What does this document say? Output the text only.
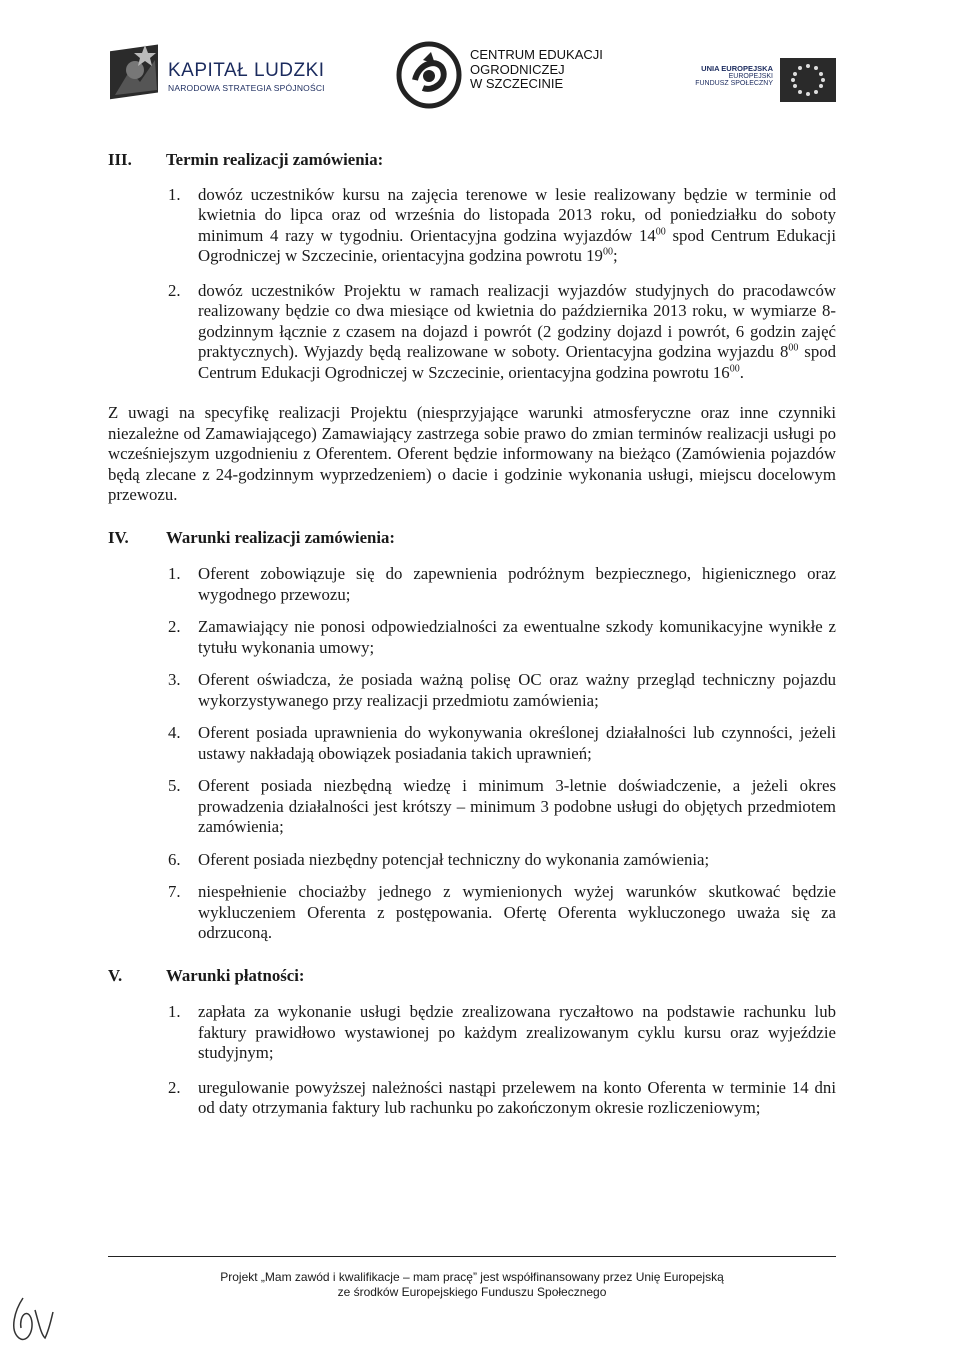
KAPITAŁ LUDZKI
NARODOWA STRATEGIA SPÓJNOŚCI
CENTRUM EDUKACJI
OGRODNICZEJ
W SZCZECINIE
UNIA EUROPEJSKA
EUROPEJSKI
FUNDUSZ SPOŁECZNY
III.	Termin realizacji zamówienia:
1.	dowóz uczestników kursu na zajęcia terenowe w lesie realizowany będzie w terminie od kwietnia do lipca oraz od września do listopada 2013 roku, od poniedziałku do soboty minimum 4 razy w tygodniu. Orientacyjna godzina wyjazdów $14^{00}$ spod Centrum Edukacji Ogrodniczej w Szczecinie, orientacyjna godzina powrotu $19^{00}$;
2.	dowóz uczestników Projektu w ramach realizacji wyjazdów studyjnych do pracodawców realizowany będzie co dwa miesiące od kwietnia do października 2013 roku, w wymiarze 8-godzinnym łącznie z czasem na dojazd i powrót (2 godziny dojazd i powrót, 6 godzin zajęć praktycznych). Wyjazdy będą realizowane w soboty. Orientacyjna godzina wyjazdu $8^{00}$ spod Centrum Edukacji Ogrodniczej w Szczecinie, orientacyjna godzina powrotu $16^{00}$.
Z uwagi na specyfikę realizacji Projektu (niesprzyjające warunki atmosferyczne oraz inne czynniki niezależne od Zamawiającego) Zamawiający zastrzega sobie prawo do zmian terminów realizacji usługi po wcześniejszym uzgodnieniu z Oferentem. Oferent będzie informowany na bieżąco (Zamówienia pojazdów będą zlecane z 24-godzinnym wyprzedzeniem) o dacie i godzinie wykonania usługi, miejscu docelowym przewozu.
IV.	Warunki realizacji zamówienia:
1.	Oferent zobowiązuje się do zapewnienia podróżnym bezpiecznego, higienicznego oraz wygodnego przewozu;
2.	Zamawiający nie ponosi odpowiedzialności za ewentualne szkody komunikacyjne wynikłe z tytułu wykonania umowy;
3.	Oferent oświadcza, że posiada ważną polisę OC oraz ważny przegląd techniczny pojazdu wykorzystywanego przy realizacji przedmiotu zamówienia;
4.	Oferent posiada uprawnienia do wykonywania określonej działalności lub czynności, jeżeli ustawy nakładają obowiązek posiadania takich uprawnień;
5.	Oferent posiada niezbędną wiedzę i minimum 3-letnie doświadczenie, a jeżeli okres prowadzenia działalności jest krótszy – minimum 3 podobne usługi do objętych przedmiotem zamówienia;
6.	Oferent posiada niezbędny potencjał techniczny do wykonania zamówienia;
7.	niespełnienie chociażby jednego z wymienionych wyżej warunków skutkować będzie wykluczeniem Oferenta z postępowania. Ofertę Oferenta wykluczonego uważa się za odrzuconą.
V.	Warunki płatności:
1.	zapłata za wykonanie usługi będzie zrealizowana ryczałtowo na podstawie rachunku lub faktury prawidłowo wystawionej po każdym zrealizowanym cyklu kursu oraz wyjeździe studyjnym;
2.	uregulowanie powyższej należności nastąpi przelewem na konto Oferenta w terminie 14 dni od daty otrzymania faktury lub rachunku po zakończonym okresie rozliczeniowym;
Projekt „Mam zawód i kwalifikacje – mam pracę” jest współfinansowany przez Unię Europejską
ze środków Europejskiego Funduszu Społecznego
